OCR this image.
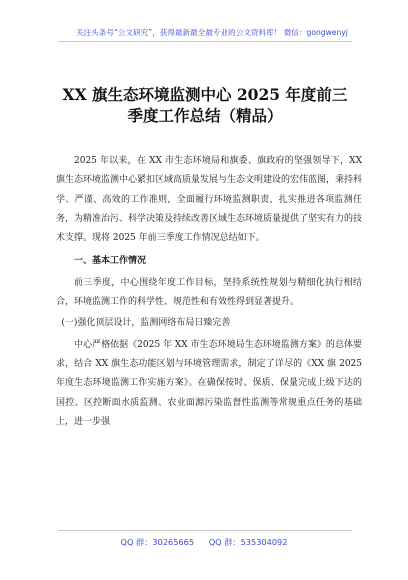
关注头条号“公文研究”，获得最新最全最专业的公文资料库！ 微信：gongwenyj
XX 旗生态环境监测中心 2025 年度前三
季度工作总结（精品）

2025 年以来，在 XX 市生态环境局和旗委、旗政府的坚强领导下，XX 旗生态环境监测中心紧扣区域高质量发展与生态文明建设的宏伟蓝图，秉持科学、严谨、高效的工作准则，全面履行环境监测职责，扎实推进各项监测任务，为精准治污、科学决策及持续改善区域生态环境质量提供了坚实有力的技术支撑。现将 2025 年前三季度工作情况总结如下。

一、基本工作情况

前三季度，中心围绕年度工作目标，坚持系统性规划与精细化执行相结合，环境监测工作的科学性、规范性和有效性得到显著提升。

(一)强化顶层设计，监测网络布局日臻完善

中心严格依据《2025 年 XX 市生态环境局生态环境监测方案》的总体要求，结合 XX 旗生态功能区划与环境管理需求，制定了详尽的《XX 旗 2025 年度生态环境监测工作实施方案》。在确保按时、保质、保量完成上级下达的国控、区控断面水质监测、农业面源污染监督性监测等常规重点任务的基础上，进一步强

QQ 群：30265665 QQ 群：535304092
